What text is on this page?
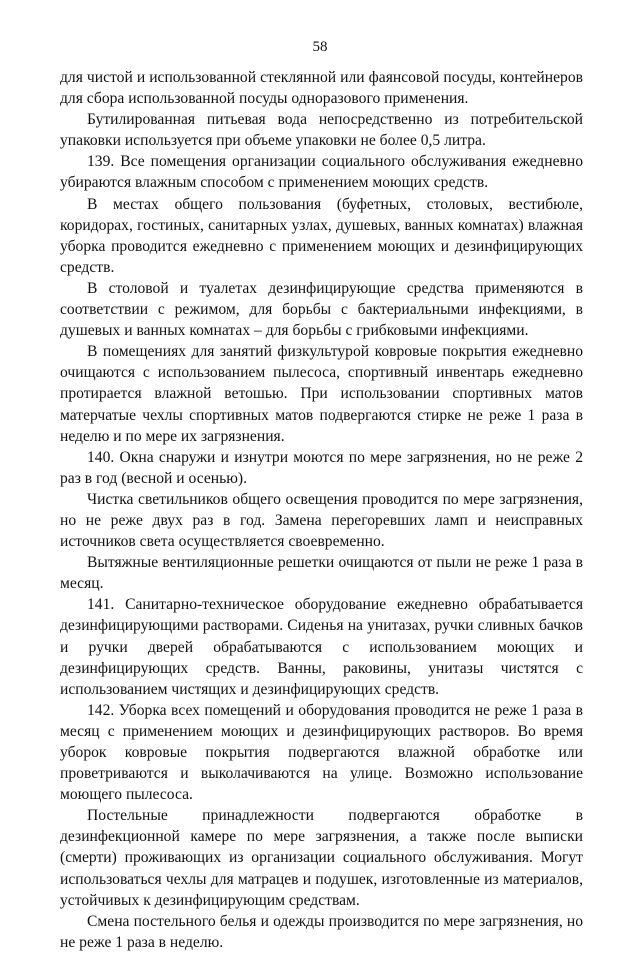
58

для чистой и использованной стеклянной или фаянсовой посуды, контейнеров для сбора использованной посуды одноразового применения.

Бутилированная питьевая вода непосредственно из потребительской упаковки используется при объеме упаковки не более 0,5 литра.

139. Все помещения организации социального обслуживания ежедневно убираются влажным способом с применением моющих средств.

В местах общего пользования (буфетных, столовых, вестибюле, коридорах, гостиных, санитарных узлах, душевых, ванных комнатах) влажная уборка проводится ежедневно с применением моющих и дезинфицирующих средств.

В столовой и туалетах дезинфицирующие средства применяются в соответствии с режимом, для борьбы с бактериальными инфекциями, в душевых и ванных комнатах – для борьбы с грибковыми инфекциями.

В помещениях для занятий физкультурой ковровые покрытия ежедневно очищаются с использованием пылесоса, спортивный инвентарь ежедневно протирается влажной ветошью. При использовании спортивных матов матерчатые чехлы спортивных матов подвергаются стирке не реже 1 раза в неделю и по мере их загрязнения.

140. Окна снаружи и изнутри моются по мере загрязнения, но не реже 2 раз в год (весной и осенью).

Чистка светильников общего освещения проводится по мере загрязнения, но не реже двух раз в год. Замена перегоревших ламп и неисправных источников света осуществляется своевременно.

Вытяжные вентиляционные решетки очищаются от пыли не реже 1 раза в месяц.

141. Санитарно-техническое оборудование ежедневно обрабатывается дезинфицирующими растворами. Сиденья на унитазах, ручки сливных бачков и ручки дверей обрабатываются с использованием моющих и дезинфицирующих средств. Ванны, раковины, унитазы чистятся с использованием чистящих и дезинфицирующих средств.

142. Уборка всех помещений и оборудования проводится не реже 1 раза в месяц с применением моющих и дезинфицирующих растворов. Во время уборок ковровые покрытия подвергаются влажной обработке или проветриваются и выколачиваются на улице. Возможно использование моющего пылесоса.

Постельные принадлежности подвергаются обработке в дезинфекционной камере по мере загрязнения, а также после выписки (смерти) проживающих из организации социального обслуживания. Могут использоваться чехлы для матрацев и подушек, изготовленные из материалов, устойчивых к дезинфицирующим средствам.

Смена постельного белья и одежды производится по мере загрязнения, но не реже 1 раза в неделю.
